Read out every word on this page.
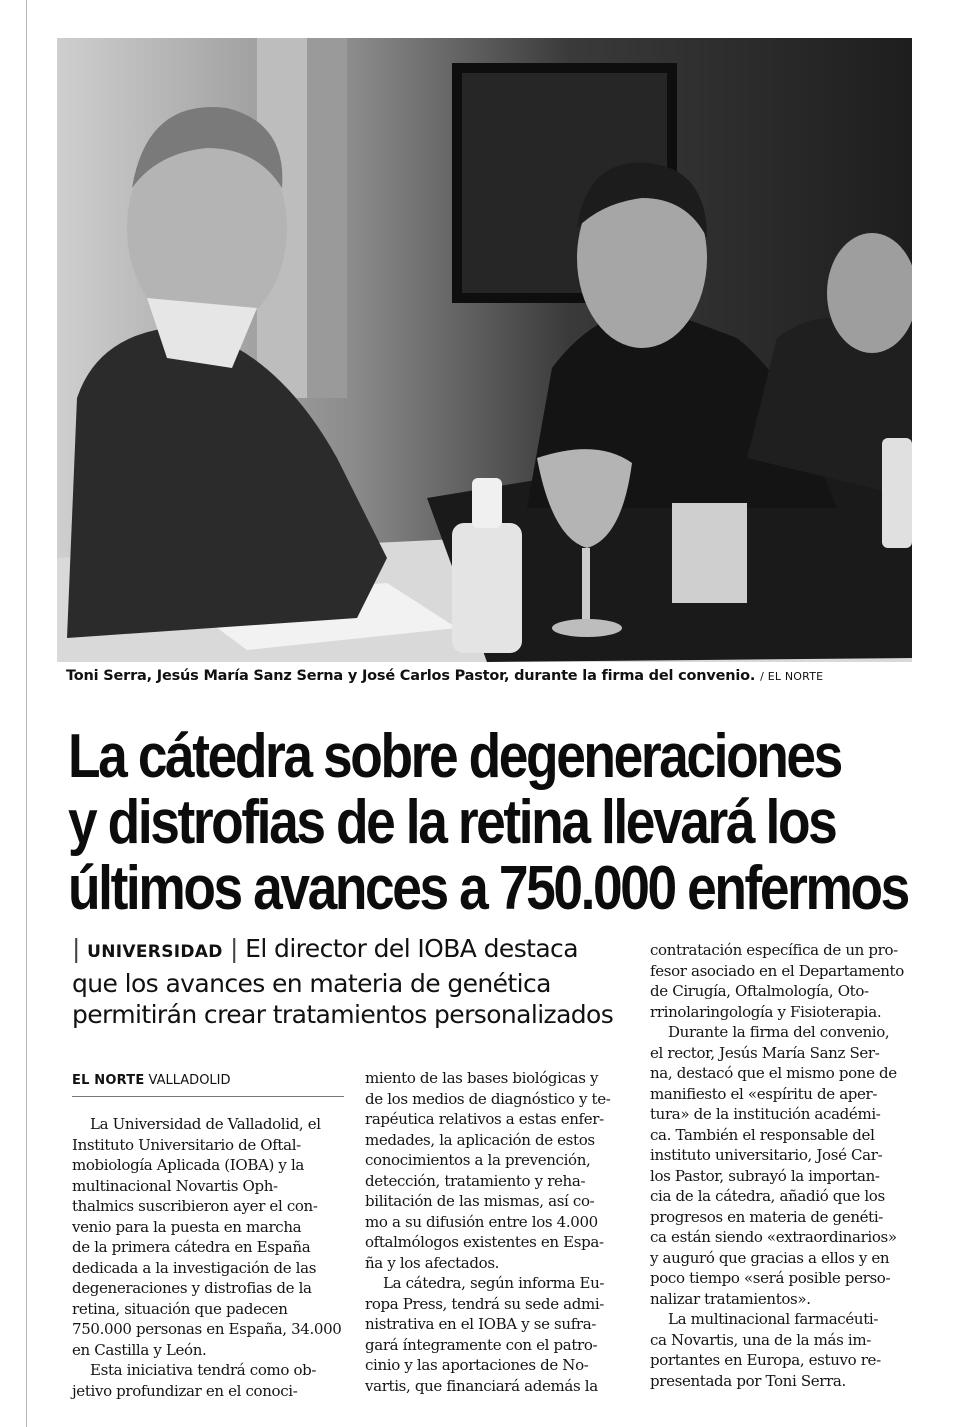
Toni Serra, Jesús María Sanz Serna y José Carlos Pastor, durante la firma del convenio. / EL NORTE
La cátedra sobre degeneraciones
y distrofias de la retina llevará los
últimos avances a 750.000 enfermos
| UNIVERSIDAD | El director del IOBA destaca
que los avances en materia de genética
permitirán crear tratamientos personalizados
EL NORTE VALLADOLID
La Universidad de Valladolid, el
Instituto Universitario de Oftal-
mobiología Aplicada (IOBA) y la
multinacional Novartis Oph-
thalmics suscribieron ayer el con-
venio para la puesta en marcha
de la primera cátedra en España
dedicada a la investigación de las
degeneraciones y distrofias de la
retina, situación que padecen
750.000 personas en España, 34.000
en Castilla y León.
Esta iniciativa tendrá como ob-
jetivo profundizar en el conoci-
miento de las bases biológicas y
de los medios de diagnóstico y te-
rapéutica relativos a estas enfer-
medades, la aplicación de estos
conocimientos a la prevención,
detección, tratamiento y reha-
bilitación de las mismas, así co-
mo a su difusión entre los 4.000
oftalmólogos existentes en Espa-
ña y los afectados.
La cátedra, según informa Eu-
ropa Press, tendrá su sede admi-
nistrativa en el IOBA y se sufra-
gará íntegramente con el patro-
cinio y las aportaciones de No-
vartis, que financiará además la
contratación específica de un pro-
fesor asociado en el Departamento
de Cirugía, Oftalmología, Oto-
rrinolaringología y Fisioterapia.
Durante la firma del convenio,
el rector, Jesús María Sanz Ser-
na, destacó que el mismo pone de
manifiesto el «espíritu de aper-
tura» de la institución académi-
ca. También el responsable del
instituto universitario, José Car-
los Pastor, subrayó la importan-
cia de la cátedra, añadió que los
progresos en materia de genéti-
ca están siendo «extraordinarios»
y auguró que gracias a ellos y en
poco tiempo «será posible perso-
nalizar tratamientos».
La multinacional farmacéuti-
ca Novartis, una de la más im-
portantes en Europa, estuvo re-
presentada por Toni Serra.
